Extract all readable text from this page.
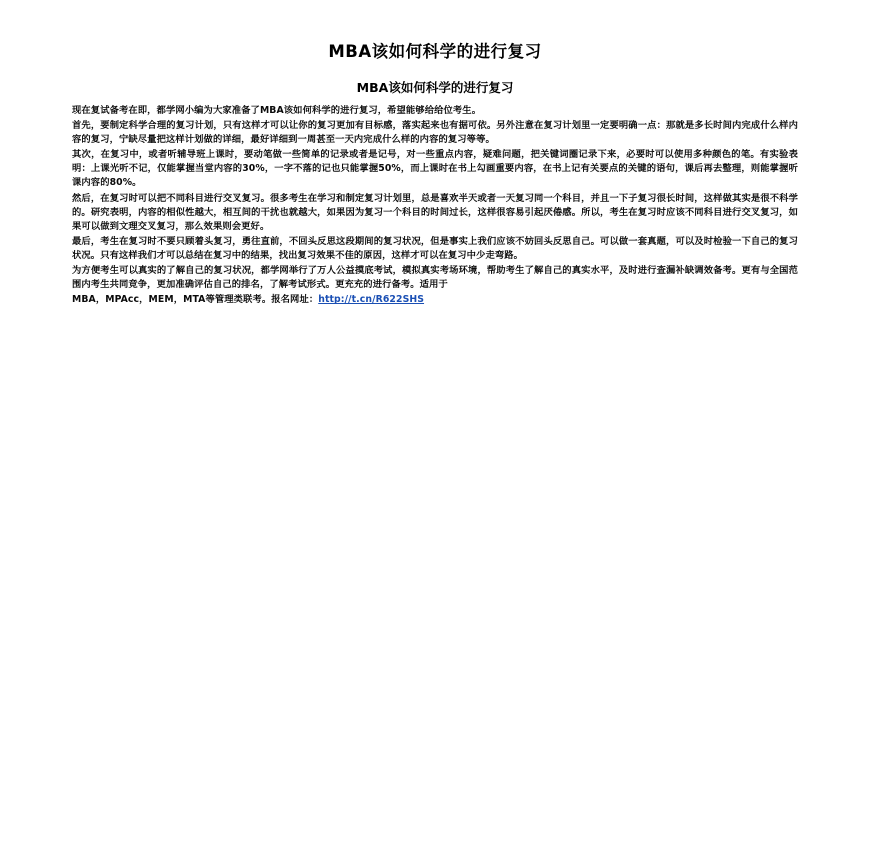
MBA该如何科学的进行复习
MBA该如何科学的进行复习

现在复试备考在即，都学网小编为大家准备了MBA该如何科学的进行复习，希望能够给给位考生。

首先，要制定科学合理的复习计划，只有这样才可以让你的复习更加有目标感，落实起来也有据可依。另外注意在复习计划里一定要明确一点：那就是多长时间内完成什么样内容的复习，宁缺尽量把这样计划做的详细，最好详细到一周甚至一天内完成什么样的内容的复习等等。

其次，在复习中，或者听辅导班上课时，要动笔做一些简单的记录或者是记号，对一些重点内容，疑难问题，把关键词圈记录下来，必要时可以使用多种颜色的笔。有实验表明：上课光听不记，仅能掌握当堂内容的30%，一字不落的记也只能掌握50%，而上课时在书上勾画重要内容，在书上记有关要点的关键的语句，课后再去整理，则能掌握听课内容的80%。

然后，在复习时可以把不同科目进行交叉复习。很多考生在学习和制定复习计划里，总是喜欢半天或者一天复习同一个科目，并且一下子复习很长时间，这样做其实是很不科学的。研究表明，内容的相似性越大，相互间的干扰也就越大，如果因为复习一个科目的时间过长，这样很容易引起厌倦感。所以，考生在复习时应该不同科目进行交叉复习，如果可以做到文理交叉复习，那么效果则会更好。

最后，考生在复习时不要只顾着头复习，勇往直前，不回头反思这段期间的复习状况，但是事实上我们应该不妨回头反思自己。可以做一套真题，可以及时检验一下自己的复习状况。只有这样我们才可以总结在复习中的结果，找出复习效果不佳的原因，这样才可以在复习中少走弯路。

为方便考生可以真实的了解自己的复习状况，都学网举行了万人公益摸底考试，模拟真实考场环境，帮助考生了解自己的真实水平，及时进行查漏补缺调效备考。更有与全国范围内考生共同竞争，更加准确评估自己的排名，了解考试形式。更充充的进行备考。适用于

MBA，MPAcc，MEM，MTA等管理类联考。报名网址：http://t.cn/R622SHS
